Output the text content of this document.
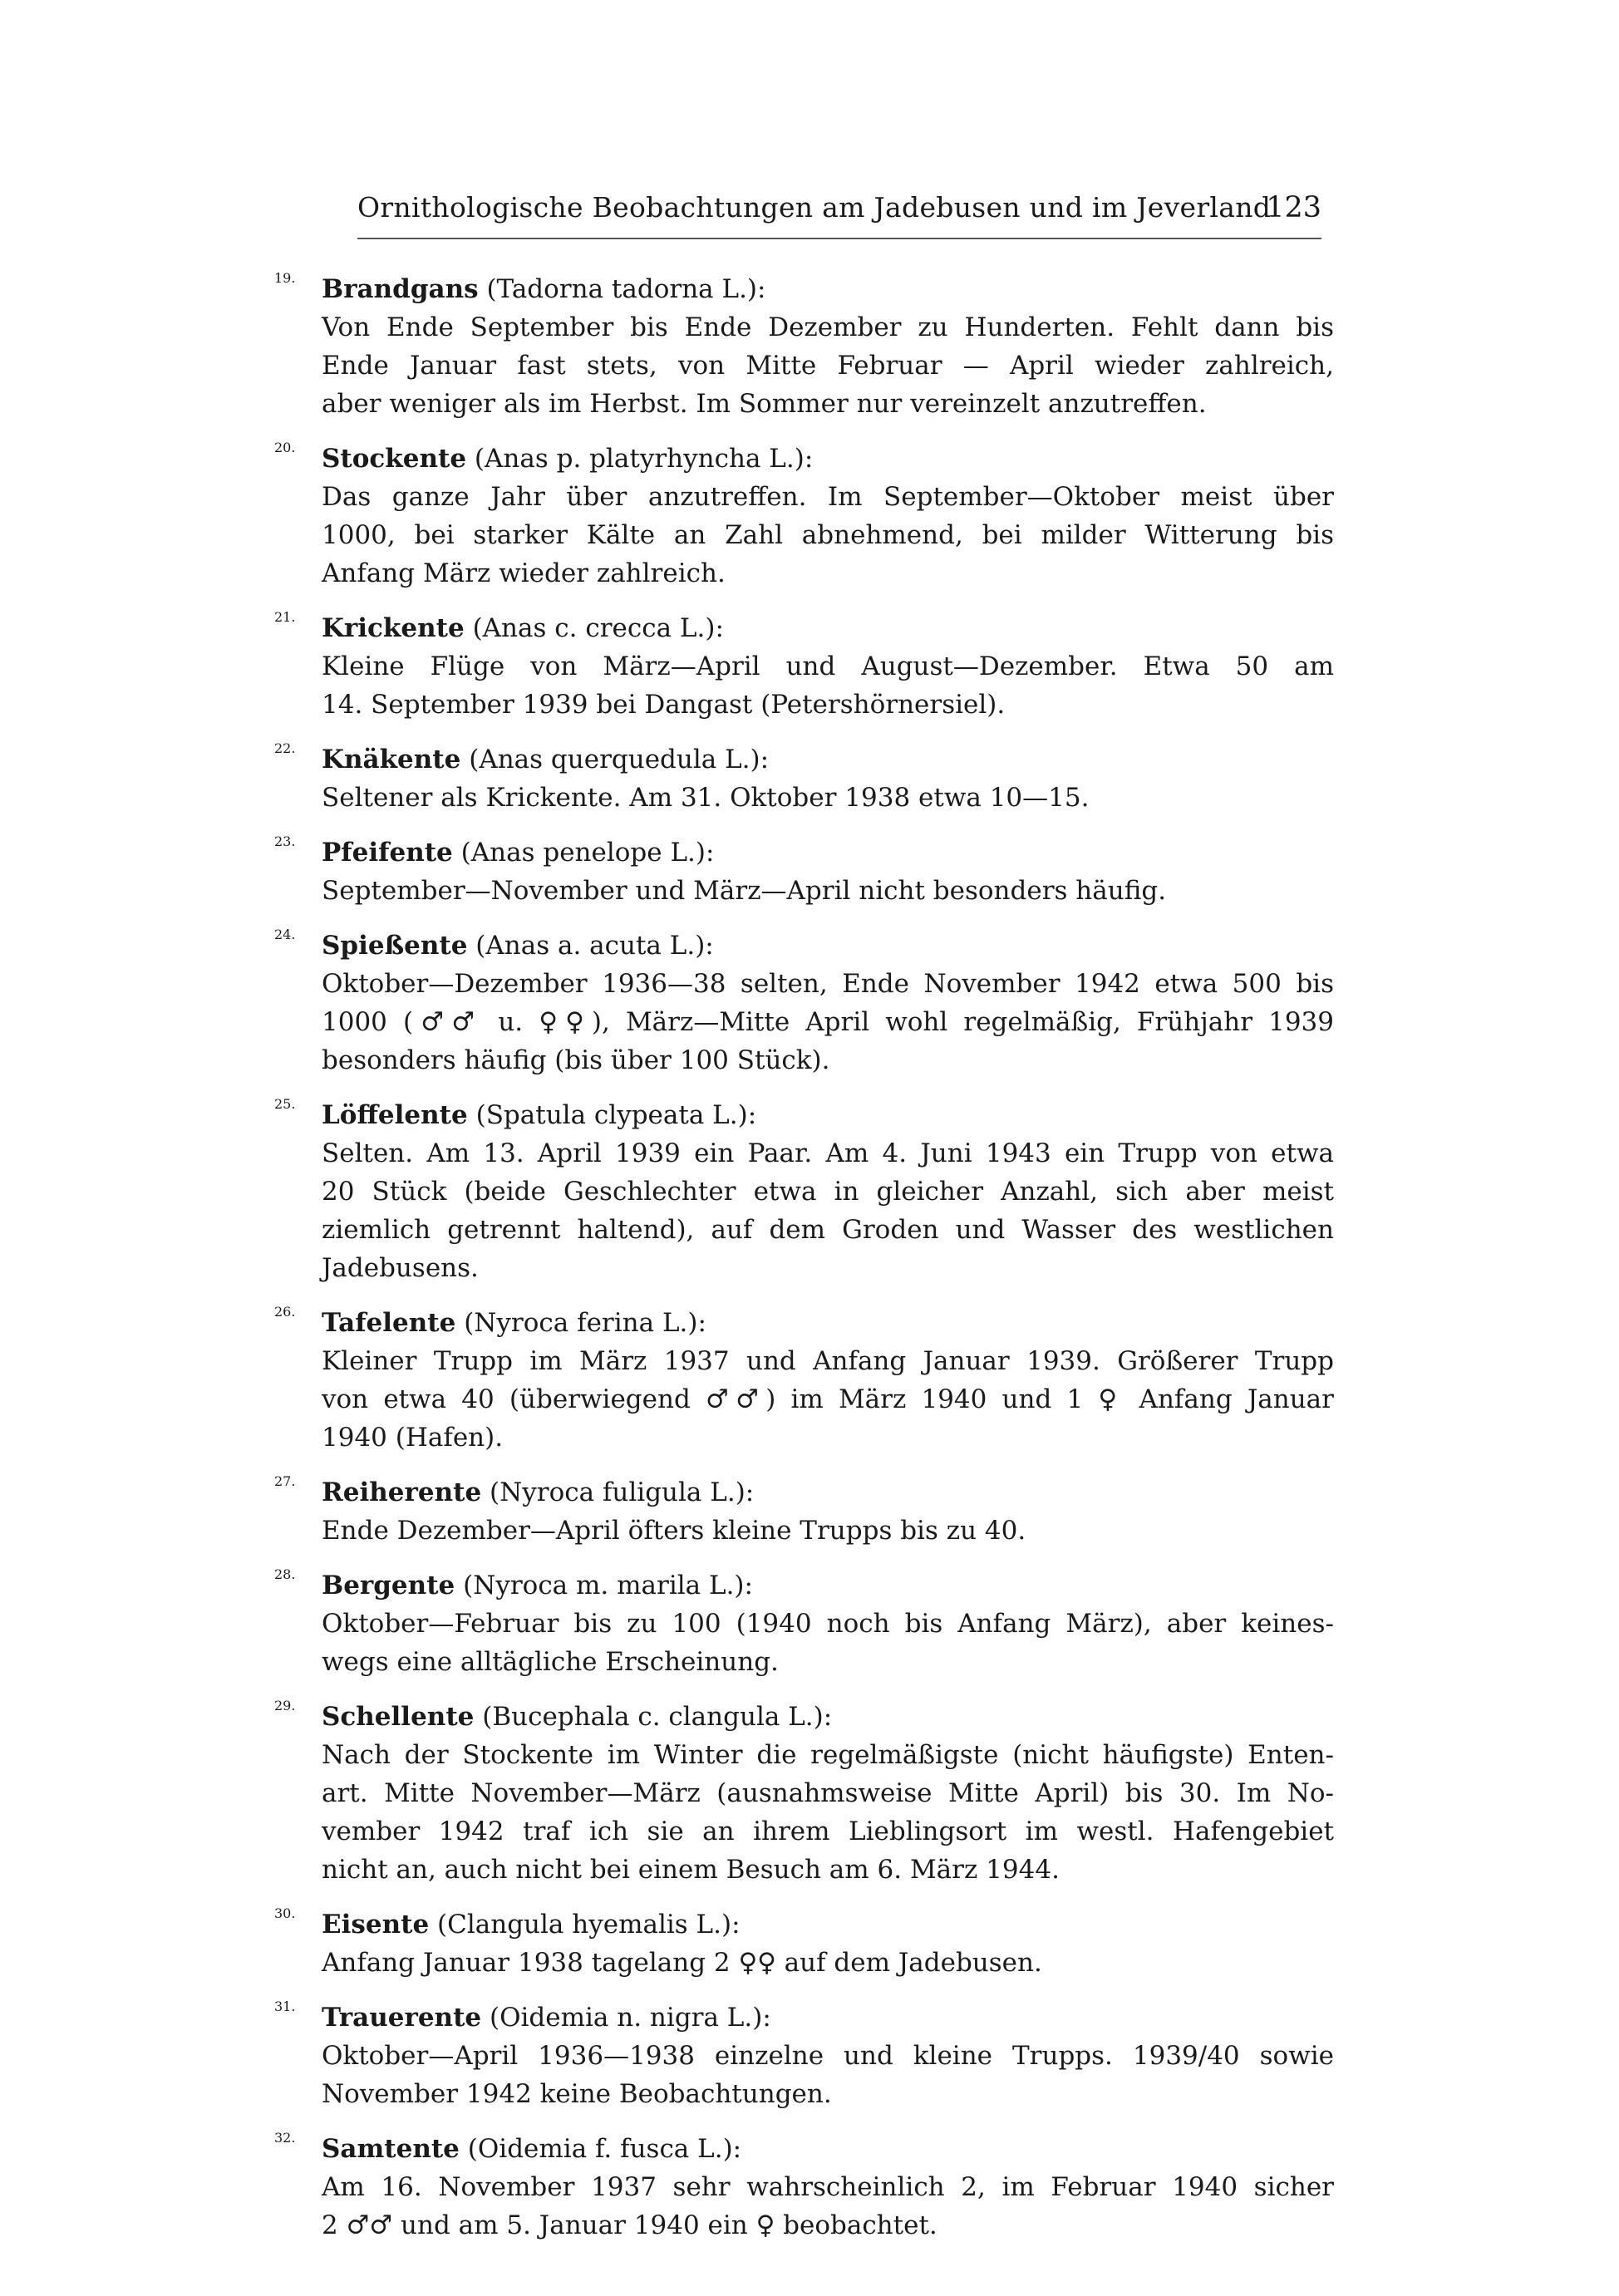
Ornithologische Beobachtungen am Jadebusen und im Jeverland
123
19.	Brandgans (Tadorna tadorna L.):
Von Ende September bis Ende Dezember zu Hunderten. Fehlt dann bis
Ende Januar fast stets, von Mitte Februar — April wieder zahlreich,
aber weniger als im Herbst. Im Sommer nur vereinzelt anzutreffen.
20.	Stockente (Anas p. platyrhyncha L.):
Das ganze Jahr über anzutreffen. Im September—Oktober meist über
1000, bei starker Kälte an Zahl abnehmend, bei milder Witterung bis
Anfang März wieder zahlreich.
21.	Krickente (Anas c. crecca L.):
Kleine Flüge von März—April und August—Dezember. Etwa 50 am
14. September 1939 bei Dangast (Petershörnersiel).
22.	Knäkente (Anas querquedula L.):
Seltener als Krickente. Am 31. Oktober 1938 etwa 10—15.
23.	Pfeifente (Anas penelope L.):
September—November und März—April nicht besonders häufig.
24.	Spießente (Anas a. acuta L.):
Oktober—Dezember 1936—38 selten, Ende November 1942 etwa 500 bis
1000 (♂♂ u. ♀♀), März—Mitte April wohl regelmäßig, Frühjahr 1939
besonders häufig (bis über 100 Stück).
25.	Löffelente (Spatula clypeata L.):
Selten. Am 13. April 1939 ein Paar. Am 4. Juni 1943 ein Trupp von etwa
20 Stück (beide Geschlechter etwa in gleicher Anzahl, sich aber meist
ziemlich getrennt haltend), auf dem Groden und Wasser des westlichen
Jadebusens.
26.	Tafelente (Nyroca ferina L.):
Kleiner Trupp im März 1937 und Anfang Januar 1939. Größerer Trupp
von etwa 40 (überwiegend ♂♂) im März 1940 und 1 ♀ Anfang Januar
1940 (Hafen).
27.	Reiherente (Nyroca fuligula L.):
Ende Dezember—April öfters kleine Trupps bis zu 40.
28.	Bergente (Nyroca m. marila L.):
Oktober—Februar bis zu 100 (1940 noch bis Anfang März), aber keines-
wegs eine alltägliche Erscheinung.
29.	Schellente (Bucephala c. clangula L.):
Nach der Stockente im Winter die regelmäßigste (nicht häufigste) Enten-
art. Mitte November—März (ausnahmsweise Mitte April) bis 30. Im No-
vember 1942 traf ich sie an ihrem Lieblingsort im westl. Hafengebiet
nicht an, auch nicht bei einem Besuch am 6. März 1944.
30.	Eisente (Clangula hyemalis L.):
Anfang Januar 1938 tagelang 2 ♀♀ auf dem Jadebusen.
31.	Trauerente (Oidemia n. nigra L.):
Oktober—April 1936—1938 einzelne und kleine Trupps. 1939/40 sowie
November 1942 keine Beobachtungen.
32.	Samtente (Oidemia f. fusca L.):
Am 16. November 1937 sehr wahrscheinlich 2, im Februar 1940 sicher
2 ♂♂ und am 5. Januar 1940 ein ♀ beobachtet.
